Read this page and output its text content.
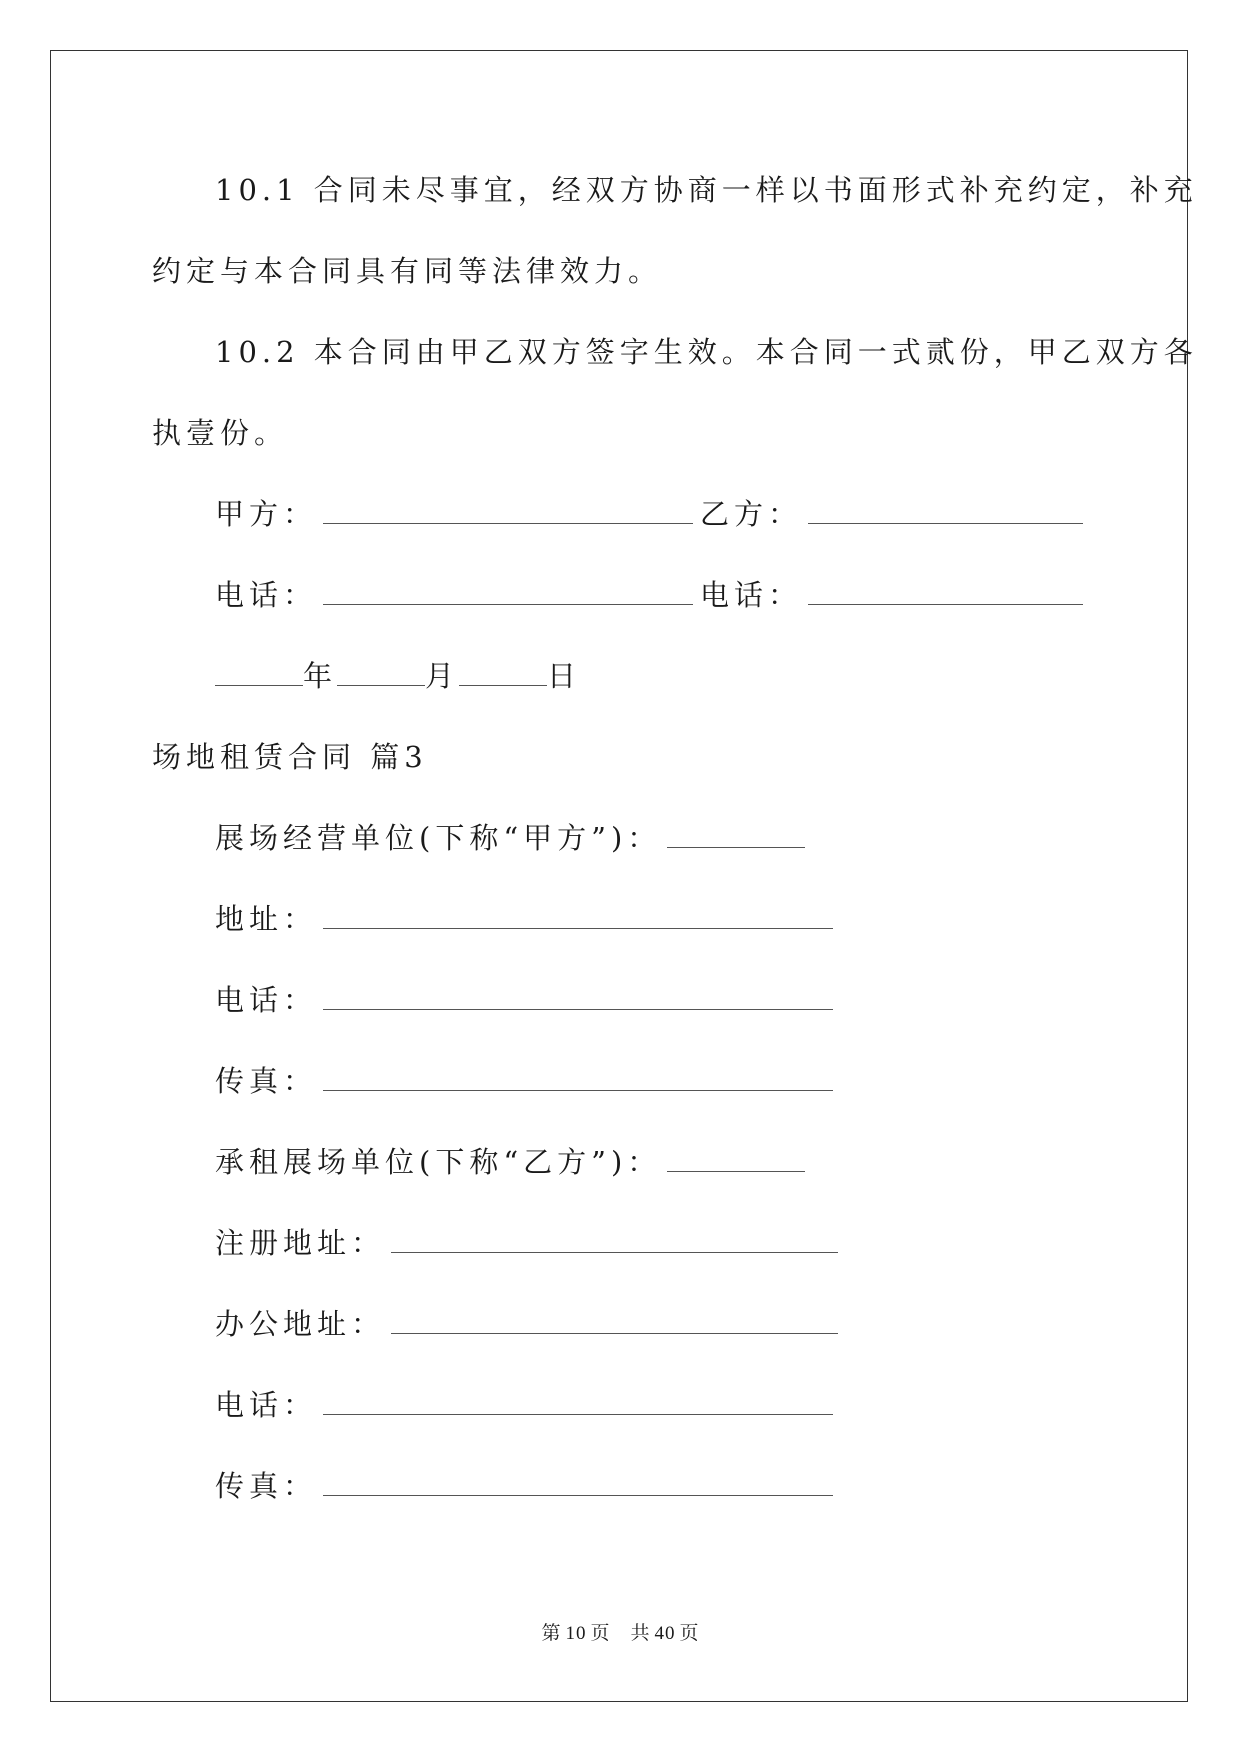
10.1 合同未尽事宜，经双方协商一样以书面形式补充约定，补充
约定与本合同具有同等法律效力。
10.2 本合同由甲乙双方签字生效。本合同一式贰份，甲乙双方各
执壹份。
甲方：	乙方：
电话：	电话：
年	月	日
场地租赁合同 篇3
展场经营单位(下称“甲方”)：
地址：
电话：
传真：
承租展场单位(下称“乙方”)：
注册地址：
办公地址：
电话：
传真：
第 10 页　共 40 页
